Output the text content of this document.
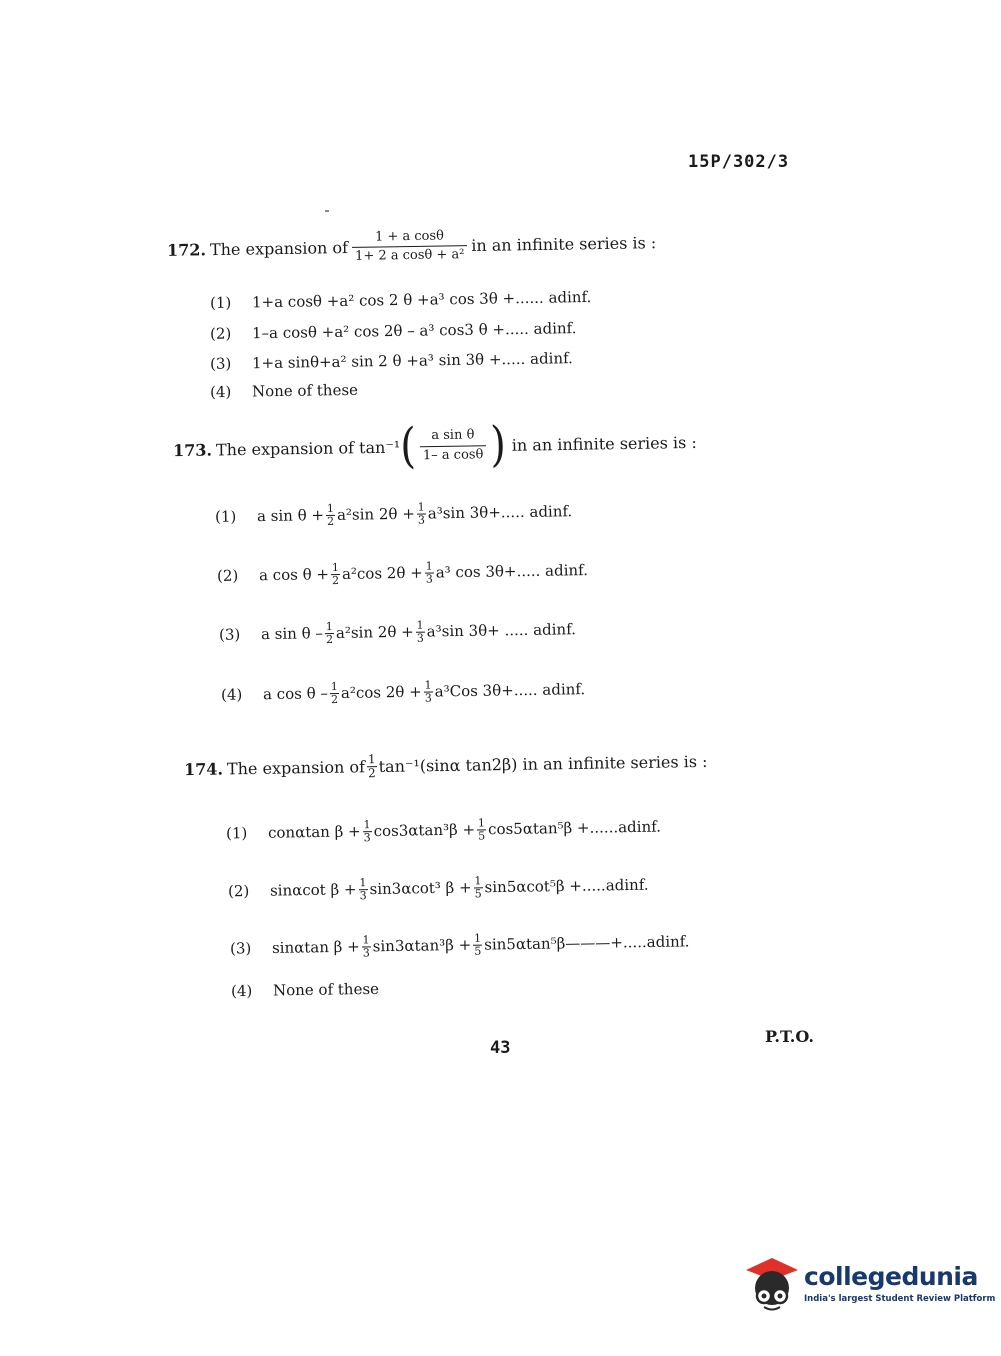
15P/302/3
172. The expansion of $\frac{\text{1 + a cosθ}}{\text{1+ 2 a cosθ + a²}}$ in an infinite series is :
(1)	1+a cosθ +a² cos 2 θ +a³ cos 3θ +...... adinf.
(2)	1–a cosθ +a² cos 2θ – a³ cos3 θ +..... adinf.
(3)	1+a sinθ+a² sin 2 θ +a³ sin 3θ +..... adinf.
(4)	None of these
173. The expansion of tan⁻¹ ( $\frac{\text{a sin θ}}{\text{1– a cosθ}}$ ) in an infinite series is :
(1)	a $\sin \theta + \frac{1}{2} a^2\sin$ $2\theta + \frac{1}{3} a^3\sin$ 3θ+..... adinf.
(2)	a $\cos \theta + \frac{1}{2} a^2\cos$ $2\theta + \frac{1}{3} a^3$ cos 3θ+..... adinf.
(3)	a sin θ – $\frac{1}{2} a^2\sin$ $2\theta + \frac{1}{3} a^3\sin$ 3θ+ ..... adinf.
(4)	a cos θ – $\frac{1}{2} a^2\cos$ $2\theta + \frac{1}{3} a^3Cos$ 3θ+..... adinf.
174. The expansion of $\frac{1}{2} \tan^{-1}(\sin\alpha$ tan2β) in an infinite series is :
(1)	conαtan $\beta + \frac{1}{3} \cos 3\alpha\tan^3\beta + \frac{1}{5} \cos 5\alpha\tan^5\beta$ +......adinf.
(2)	sinαcot $\beta + \frac{1}{3} \sin 3\alpha\cot^3$ $\beta + \frac{1}{5} \sin 5\alpha\cot^5\beta$ +.....adinf.
(3)	sinαtan $\beta + \frac{1}{3} \sin 3\alpha\tan^3\beta + \frac{1}{5}$ sin5αtan⁵β———+.....adinf.
(4)	None of these
43
P.T.O.
collegedunia
India's largest Student Review Platform
